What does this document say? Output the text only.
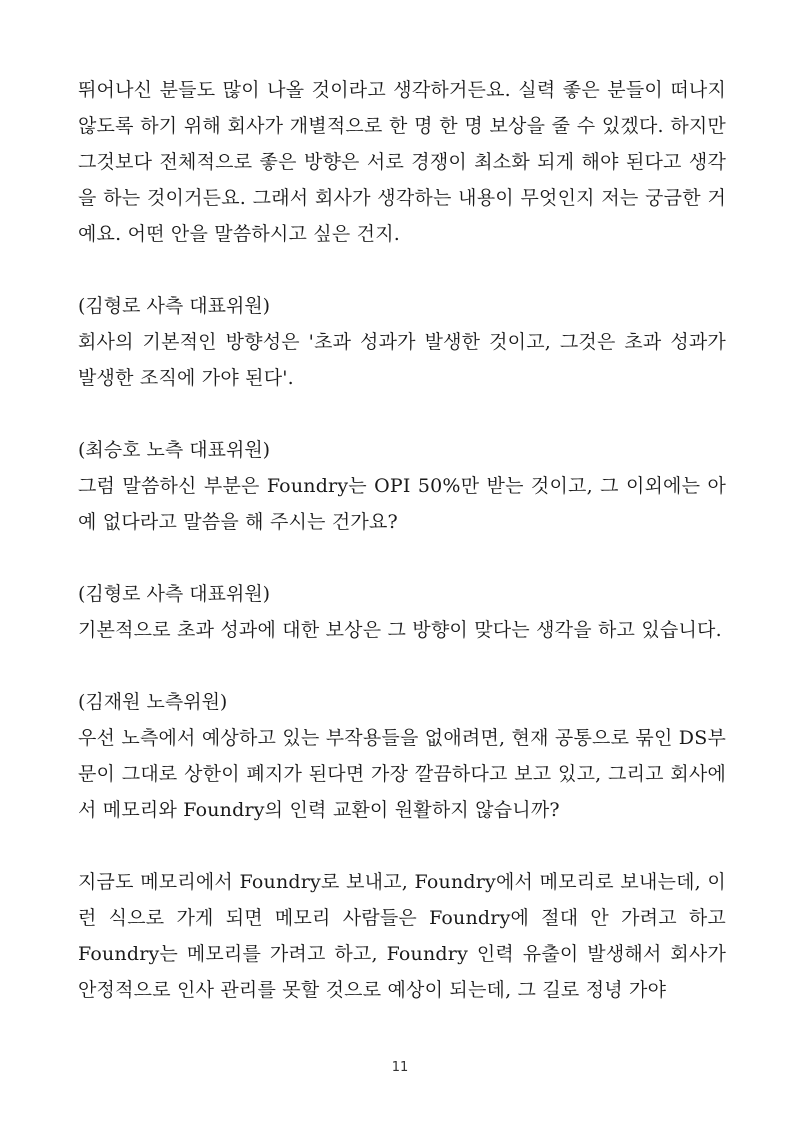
뛰어나신 분들도 많이 나올 것이라고 생각하거든요. 실력 좋은 분들이 떠나지 않도록 하기 위해 회사가 개별적으로 한 명 한 명 보상을 줄 수 있겠다. 하지만 그것보다 전체적으로 좋은 방향은 서로 경쟁이 최소화 되게 해야 된다고 생각을 하는 것이거든요. 그래서 회사가 생각하는 내용이 무엇인지 저는 궁금한 거예요. 어떤 안을 말씀하시고 싶은 건지.

(김형로 사측 대표위원)

회사의 기본적인 방향성은 '초과 성과가 발생한 것이고, 그것은 초과 성과가 발생한 조직에 가야 된다'.

(최승호 노측 대표위원)

그럼 말씀하신 부분은 Foundry는 OPI 50%만 받는 것이고, 그 이외에는 아예 없다라고 말씀을 해 주시는 건가요?

(김형로 사측 대표위원)

기본적으로 초과 성과에 대한 보상은 그 방향이 맞다는 생각을 하고 있습니다.

(김재원 노측위원)

우선 노측에서 예상하고 있는 부작용들을 없애려면, 현재 공통으로 묶인 DS부문이 그대로 상한이 폐지가 된다면 가장 깔끔하다고 보고 있고, 그리고 회사에서 메모리와 Foundry의 인력 교환이 원활하지 않습니까?

지금도 메모리에서 Foundry로 보내고, Foundry에서 메모리로 보내는데, 이런 식으로 가게 되면 메모리 사람들은 Foundry에 절대 안 가려고 하고 Foundry는 메모리를 가려고 하고, Foundry 인력 유출이 발생해서 회사가 안정적으로 인사 관리를 못할 것으로 예상이 되는데, 그 길로 정녕 가야

11
